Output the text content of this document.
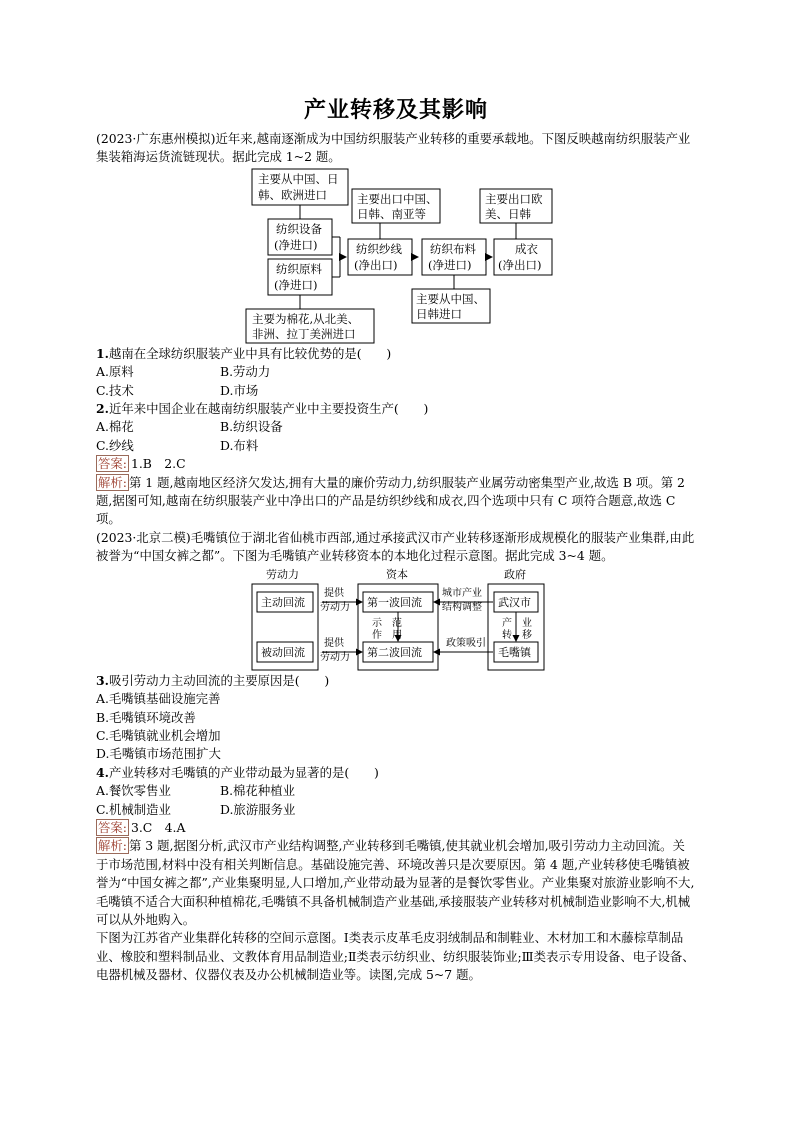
产业转移及其影响

(2023·广东惠州模拟)近年来,越南逐渐成为中国纺织服装产业转移的重要承载地。下图反映越南纺织服装产业集装箱海运货流链现状。据此完成 1~2 题。

主要从中国、日
韩、欧洲进口
纺织设备
(净进口)
纺织原料
(净进口)
主要为棉花,从北美、
非洲、拉丁美洲进口
主要出口中国、
日韩、南亚等
纺织纱线
(净出口)
纺织布料
(净进口)
主要从中国、
日韩进口
主要出口欧
美、日韩
成衣
(净出口)

1.越南在全球纺织服装产业中具有比较优势的是(　　)

A.原料	B.劳动力
C.技术	D.市场

2.近年来中国企业在越南纺织服装产业中主要投资生产(　　)

A.棉花	B.纺织设备
C.纱线	D.布料

答案: 1.B　2.C

解析: 第 1 题,越南地区经济欠发达,拥有大量的廉价劳动力,纺织服装产业属劳动密集型产业,故选 B 项。第 2 题,据图可知,越南在纺织服装产业中净出口的产品是纺织纱线和成衣,四个选项中只有 C 项符合题意,故选 C 项。

(2023·北京二模)毛嘴镇位于湖北省仙桃市西部,通过承接武汉市产业转移逐渐形成规模化的服装产业集群,由此被誉为“中国女裤之都”。下图为毛嘴镇产业转移资本的本地化过程示意图。据此完成 3~4 题。

劳动力	资本	政府
主动回流
被动回流
第一波回流
第二波回流
武汉市
毛嘴镇
提供
劳动力
提供
劳动力
城市产业
结构调整
政策吸引
示　范
作　用
产　业
转　移

3.吸引劳动力主动回流的主要原因是(　　)

A.毛嘴镇基础设施完善

B.毛嘴镇环境改善

C.毛嘴镇就业机会增加

D.毛嘴镇市场范围扩大

4.产业转移对毛嘴镇的产业带动最为显著的是(　　)

A.餐饮零售业	B.棉花种植业
C.机械制造业	D.旅游服务业

答案: 3.C　4.A

解析: 第 3 题,据图分析,武汉市产业结构调整,产业转移到毛嘴镇,使其就业机会增加,吸引劳动力主动回流。关于市场范围,材料中没有相关判断信息。基础设施完善、环境改善只是次要原因。第 4 题,产业转移使毛嘴镇被誉为“中国女裤之都”,产业集聚明显,人口增加,产业带动最为显著的是餐饮零售业。产业集聚对旅游业影响不大,毛嘴镇不适合大面积种植棉花,毛嘴镇不具备机械制造产业基础,承接服装产业转移对机械制造业影响不大,机械可以从外地购入。

下图为江苏省产业集群化转移的空间示意图。Ⅰ类表示皮革毛皮羽绒制品和制鞋业、木材加工和木藤棕草制品业、橡胶和塑料制品业、文教体育用品制造业;Ⅱ类表示纺织业、纺织服装饰业;Ⅲ类表示专用设备、电子设备、电器机械及器材、仪器仪表及办公机械制造业等。读图,完成 5~7 题。
